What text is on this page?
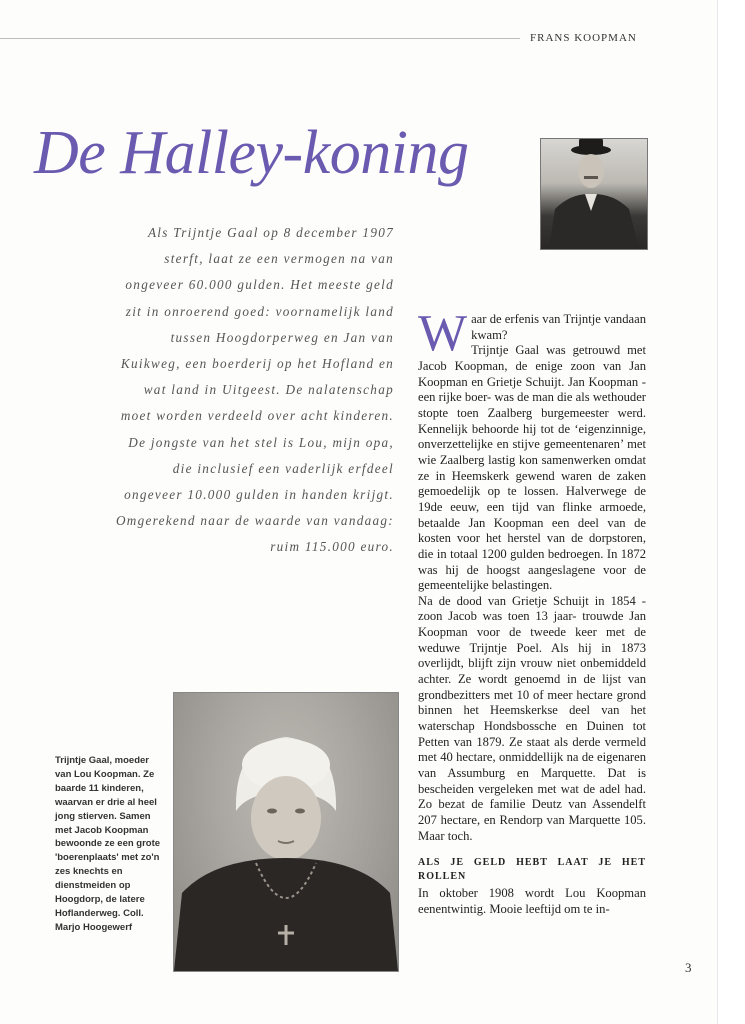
FRANS KOOPMAN
De Halley-koning

Als Trijntje Gaal op 8 december 1907 sterft, laat ze een vermogen na van ongeveer 60.000 gulden. Het meeste geld zit in onroerend goed: voornamelijk land tussen Hoogdorperweg en Jan van Kuikweg, een boerderij op het Hofland en wat land in Uitgeest. De nalatenschap moet worden verdeeld over acht kinderen. De jongste van het stel is Lou, mijn opa, die inclusief een vaderlijk erfdeel ongeveer 10.000 gulden in handen krijgt. Omgerekend naar de waarde van vandaag: ruim 115.000 euro.

Waar de erfenis van Trijntje vandaan kwam?

Trijntje Gaal was getrouwd met Jacob Koopman, de enige zoon van Jan Koopman en Grietje Schuijt. Jan Koopman -een rijke boer- was de man die als wethouder stopte toen Zaalberg burgemeester werd. Kennelijk behoorde hij tot de ‘eigenzinnige, onverzettelijke en stijve gemeentenaren’ met wie Zaalberg lastig kon samenwerken omdat ze in Heemskerk gewend waren de zaken gemoedelijk op te lossen. Halverwege de 19de eeuw, een tijd van flinke armoede, betaalde Jan Koopman een deel van de kosten voor het herstel van de dorpstoren, die in totaal 1200 gulden bedroegen. In 1872 was hij de hoogst aangeslagene voor de gemeentelijke belastingen.

Na de dood van Grietje Schuijt in 1854 -zoon Jacob was toen 13 jaar- trouwde Jan Koopman voor de tweede keer met de weduwe Trijntje Poel. Als hij in 1873 overlijdt, blijft zijn vrouw niet onbemiddeld achter. Ze wordt genoemd in de lijst van grondbezitters met 10 of meer hectare grond binnen het Heemskerkse deel van het waterschap Hondsbossche en Duinen tot Petten van 1879. Ze staat als derde vermeld met 40 hectare, onmiddellijk na de eigenaren van Assumburg en Marquette. Dat is bescheiden vergeleken met wat de adel had. Zo bezat de familie Deutz van Assendelft 207 hectare, en Rendorp van Marquette 105. Maar toch.

ALS JE GELD HEBT LAAT JE HET ROLLEN

In oktober 1908 wordt Lou Koopman eenentwintig. Mooie leeftijd om te in-

Trijntje Gaal, moeder van Lou Koopman. Ze baarde 11 kinderen, waarvan er drie al heel jong stierven. Samen met Jacob Koopman bewoonde ze een grote 'boerenplaats' met zo'n zes knechts en dienstmeiden op Hoogdorp, de latere Hoflanderweg. Coll. Marjo Hoogewerf
3
